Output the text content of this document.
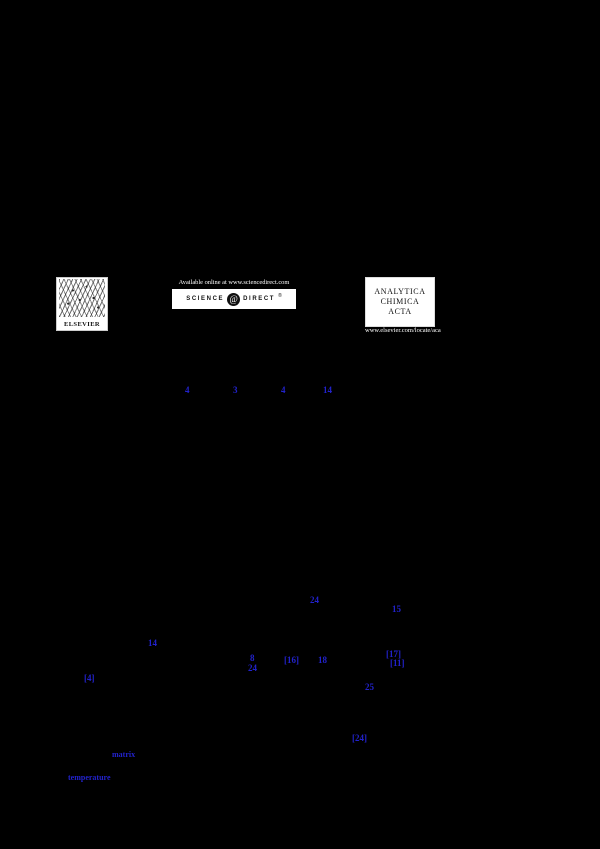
ELSEVIER
Available online at www.sciencedirect.com
SCIENCE @ DIRECT ®	ANALYTICA
CHIMICA
ACTA
www.elsevier.com/locate/aca
4	3	4	14
24
15
14
8	[16] 18
[17]
[11]
[4]
24
25
[24]
matrix
temperature
